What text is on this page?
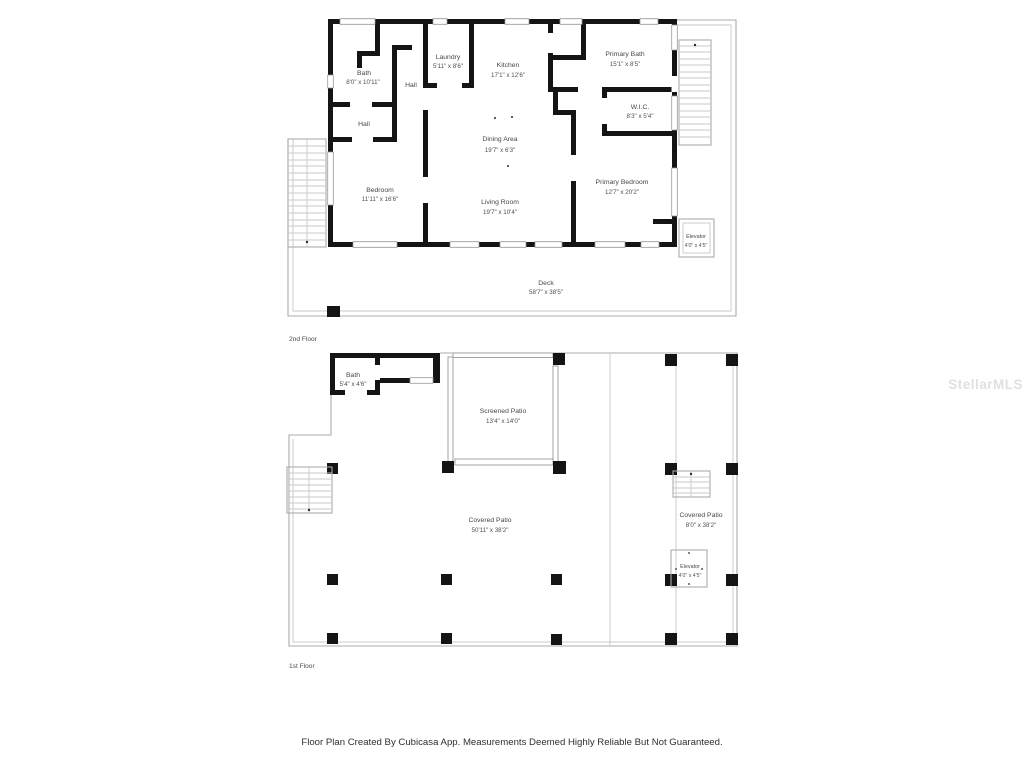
Bath
8'0" x 10'11"	Hall
Hall
Laundry
5'11" x 8'6"	Kitchen
17'1" x 12'6"
Primary Bath
15'1" x 8'5"
W.I.C.
8'3" x 5'4"
Dining Area
19'7" x 6'3"
Bedroom
11'11" x 16'6"	Living Room
19'7" x 10'4"
Primary Bedroom
12'7" x 20'2"
Elevator
4'0" x 4'5"
Deck
58'7" x 38'5"
2nd Floor
Bath
5'4" x 4'6"
Screened Patio
13'4" x 14'0"
Covered Patio
50'11" x 38'2"
Covered Patio
8'0" x 38'2"
Elevator
4'0" x 4'5"
1st Floor
StellarMLS
Floor Plan Created By Cubicasa App. Measurements Deemed Highly Reliable But Not Guaranteed.
